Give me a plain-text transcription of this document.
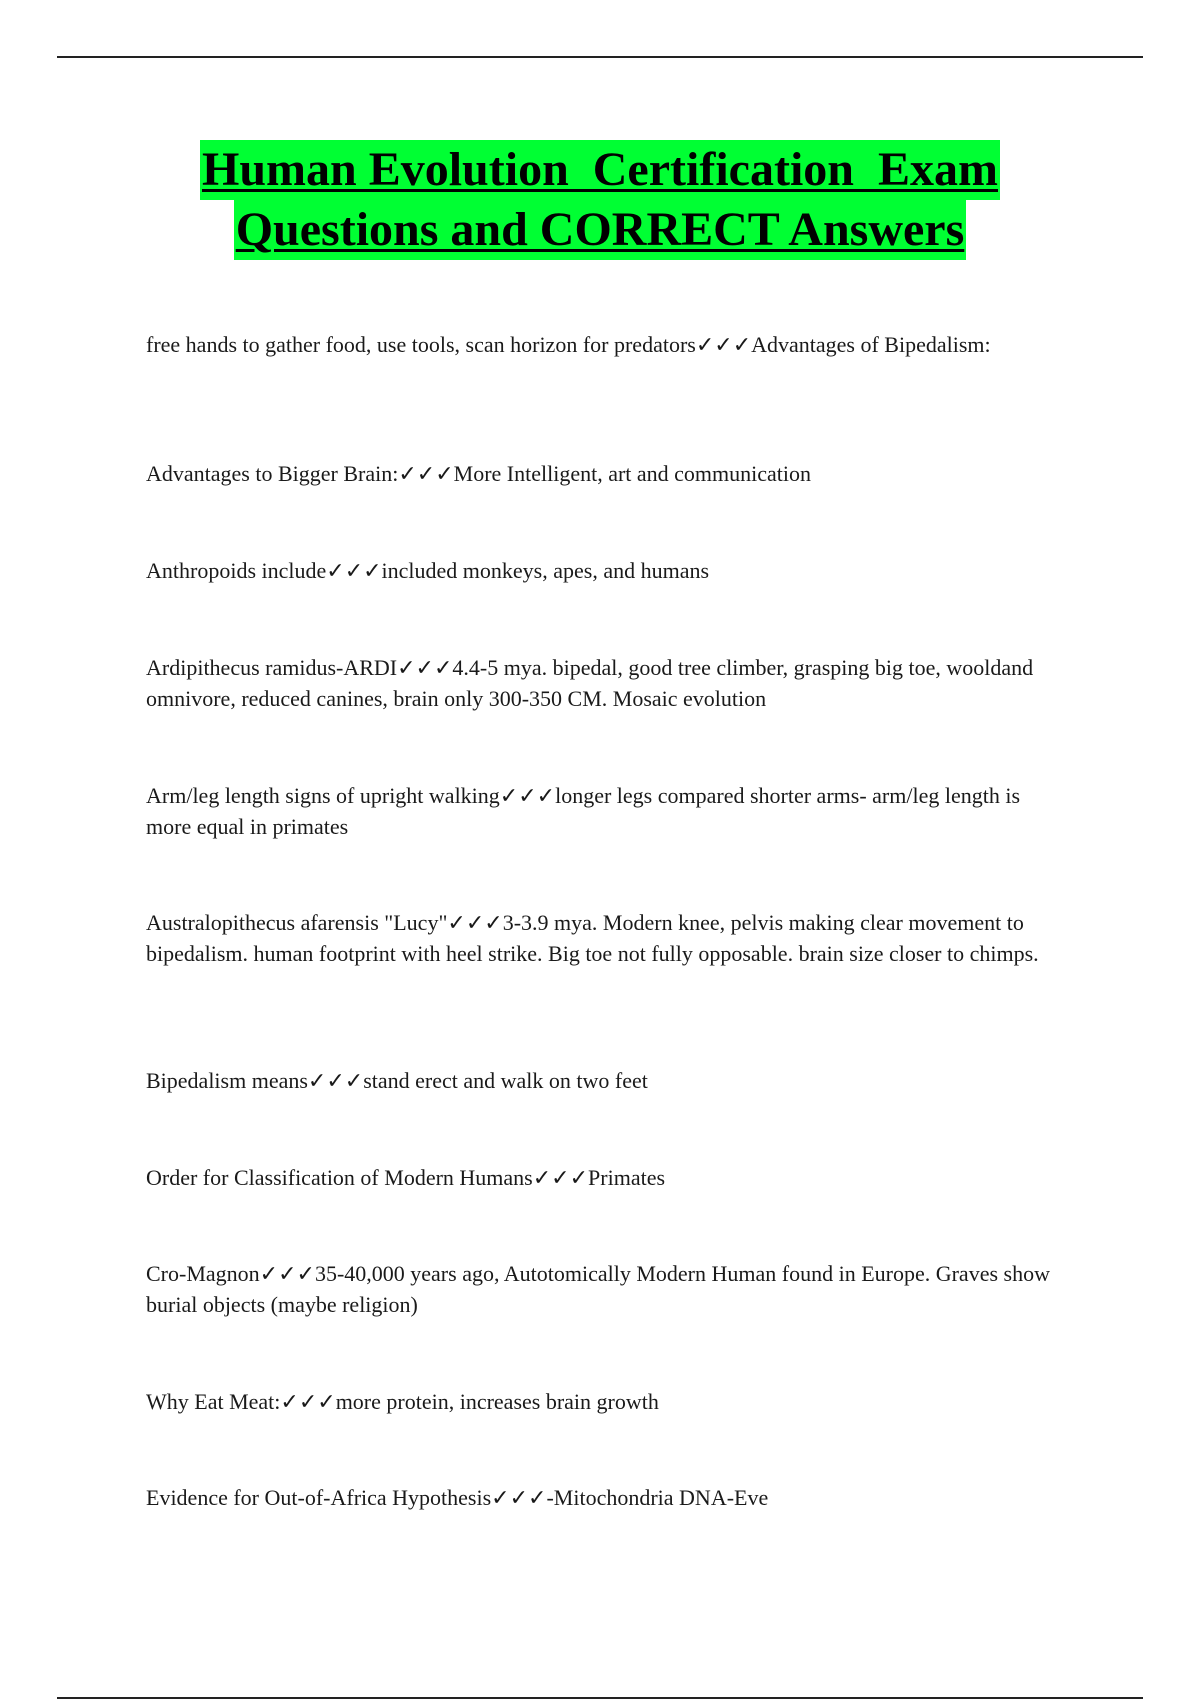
Human Evolution  Certification  Exam
Questions and CORRECT Answers

free hands to gather food, use tools, scan horizon for predators✓✓✓Advantages of Bipedalism:

Advantages to Bigger Brain:✓✓✓More Intelligent, art and communication

Anthropoids include✓✓✓included monkeys, apes, and humans

Ardipithecus ramidus-ARDI✓✓✓4.4-5 mya. bipedal, good tree climber, grasping big toe, wooldand omnivore, reduced canines, brain only 300-350 CM. Mosaic evolution

Arm/leg length signs of upright walking✓✓✓longer legs compared shorter arms- arm/leg length is more equal in primates

Australopithecus afarensis "Lucy"✓✓✓3-3.9 mya. Modern knee, pelvis making clear movement to bipedalism. human footprint with heel strike. Big toe not fully opposable. brain size closer to chimps.

Bipedalism means✓✓✓stand erect and walk on two feet

Order for Classification of Modern Humans✓✓✓Primates

Cro-Magnon✓✓✓35-40,000 years ago, Autotomically Modern Human found in Europe. Graves show burial objects (maybe religion)

Why Eat Meat:✓✓✓more protein, increases brain growth

Evidence for Out-of-Africa Hypothesis✓✓✓-Mitochondria DNA-Eve
